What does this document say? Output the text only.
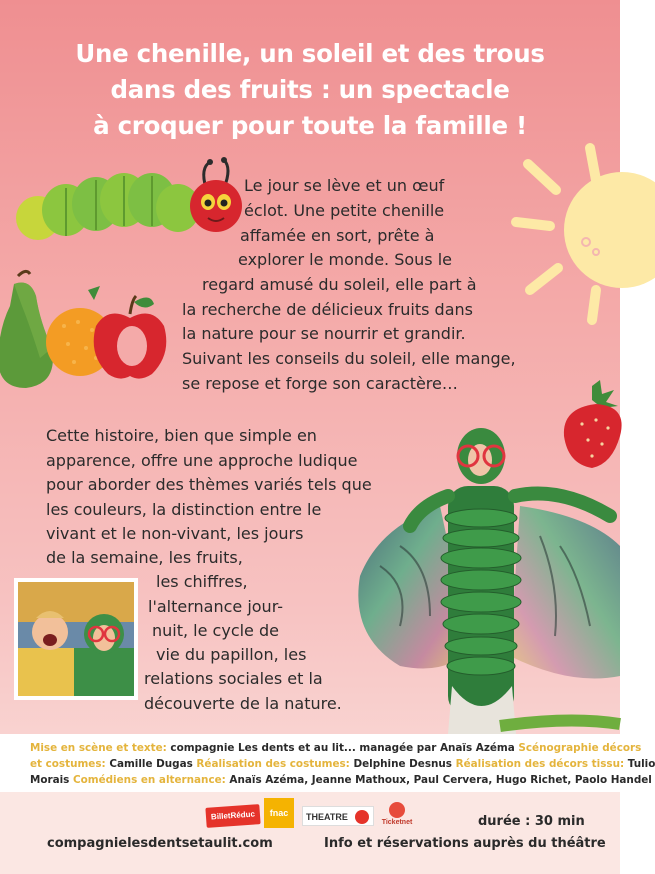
Une chenille, un soleil et des trous
dans des fruits : un spectacle
à croquer pour toute la famille !
Le jour se lève et un œuf
éclot. Une petite chenille
affamée en sort, prête à
explorer le monde. Sous le
regard amusé du soleil, elle part à
la recherche de délicieux fruits dans
la nature pour se nourrir et grandir.
Suivant les conseils du soleil, elle mange,
se repose et forge son caractère…
Cette histoire, bien que simple en
apparence, offre une approche ludique
pour aborder des thèmes variés tels que
les couleurs, la distinction entre le
vivant et le non-vivant, les jours
de la semaine, les fruits,
les chiffres,
l'alternance jour-
nuit, le cycle de
vie du papillon, les
relations sociales et la
découverte de la nature.
Mise en scène et texte: compagnie Les dents et au lit... managée par Anaïs Azéma Scénographie décors
et costumes: Camille Dugas Réalisation des costumes: Delphine Desnus Réalisation des décors tissu: Tulio
Morais Comédiens en alternance: Anaïs Azéma, Jeanne Mathoux, Paul Cervera, Hugo Richet, Paolo Handel
BilletRéduc	fnac	THEATRE
Ticketnet	durée : 30 min
compagnielesdentsetaulit.com	Info et réservations auprès du théâtre
